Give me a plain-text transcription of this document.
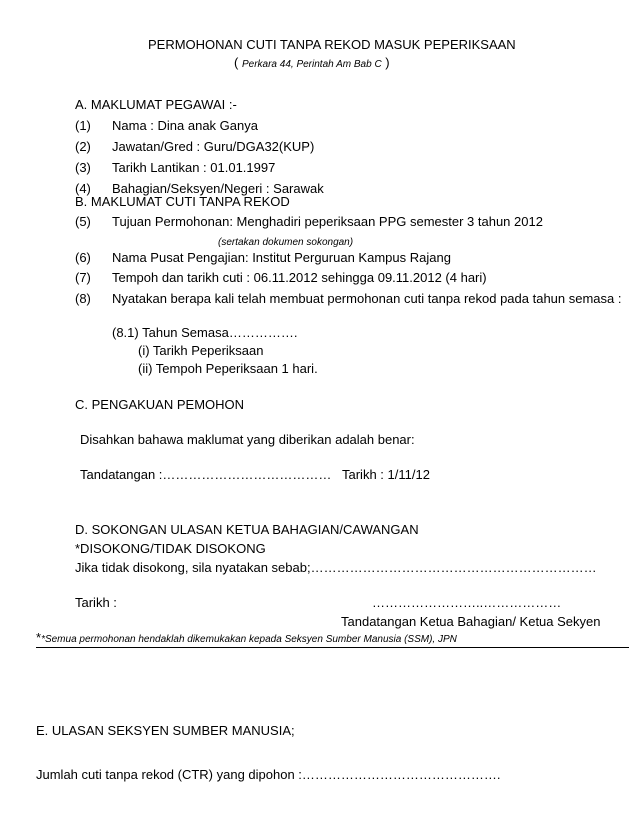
PERMOHONAN CUTI TANPA REKOD MASUK PEPERIKSAAN
( Perkara 44, Perintah Am Bab C )
A. MAKLUMAT PEGAWAI :-
(1) Nama : Dina anak Ganya
(2) Jawatan/Gred : Guru/DGA32(KUP)
(3) Tarikh Lantikan : 01.01.1997
(4) Bahagian/Seksyen/Negeri : Sarawak
B. MAKLUMAT CUTI TANPA REKOD
(5) Tujuan Permohonan: Menghadiri peperiksaan PPG semester 3 tahun 2012
(sertakan dokumen sokongan)
(6) Nama Pusat Pengajian: Institut Perguruan Kampus Rajang
(7) Tempoh dan tarikh cuti : 06.11.2012 sehingga 09.11.2012 (4 hari)
(8) Nyatakan berapa kali telah membuat permohonan cuti tanpa rekod pada tahun semasa :
(8.1) Tahun Semasa…………….
(i) Tarikh Peperiksaan
(ii) Tempoh Peperiksaan 1 hari.
C. PENGAKUAN PEMOHON
Disahkan bahawa maklumat yang diberikan adalah benar:
Tandatangan :………………………………… Tarikh : 1/11/12
D. SOKONGAN ULASAN KETUA BAHAGIAN/CAWANGAN
*DISOKONG/TIDAK DISOKONG
Jika tidak disokong, sila nyatakan sebab;…………………………………………………………
Tarikh :	……………………..………………
Tandatangan Ketua Bahagian/ Ketua Sekyen
**Semua permohonan hendaklah dikemukakan kepada Seksyen Sumber Manusia (SSM), JPN
E. ULASAN SEKSYEN SUMBER MANUSIA;
Jumlah cuti tanpa rekod (CTR) yang dipohon :……………………………………….
